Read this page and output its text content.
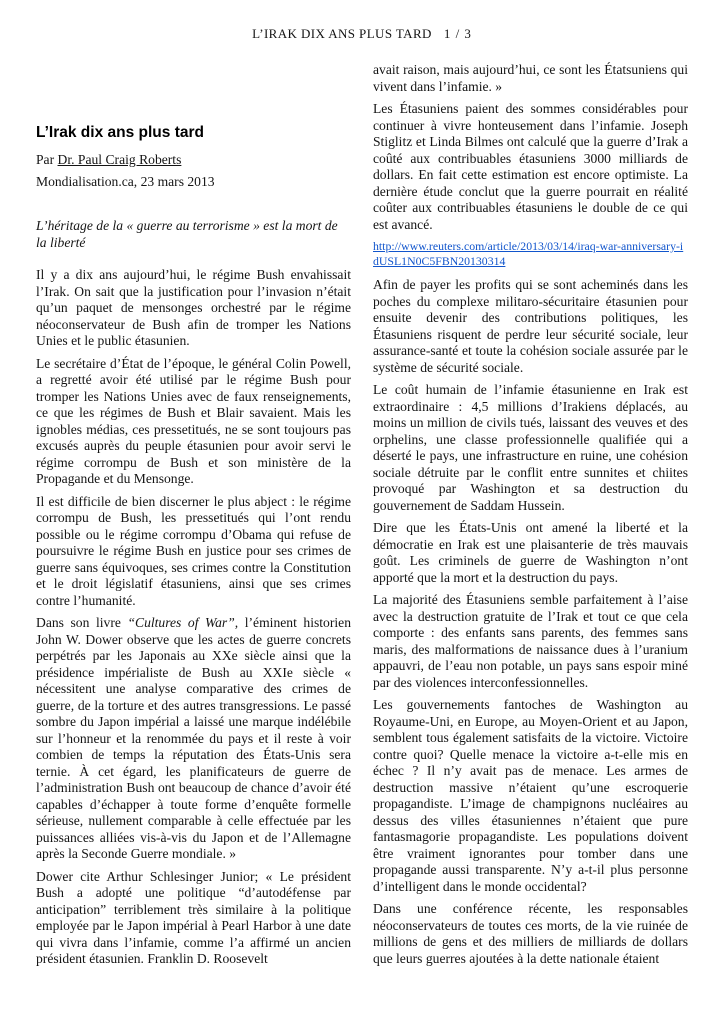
L’IRAK DIX ANS PLUS TARD 1 / 3
L’Irak dix ans plus tard

Par Dr. Paul Craig Roberts

Mondialisation.ca, 23 mars 2013

L’héritage de la « guerre au terrorisme » est la mort de la liberté

Il y a dix ans aujourd’hui, le régime Bush envahissait l’Irak. On sait que la justification pour l’invasion n’était qu’un paquet de mensonges orchestré par le régime néoconservateur de Bush afin de tromper les Nations Unies et le public étasunien.

Le secrétaire d’État de l’époque, le général Colin Powell, a regretté avoir été utilisé par le régime Bush pour tromper les Nations Unies avec de faux renseignements, ce que les régimes de Bush et Blair savaient. Mais les ignobles médias, ces pressetitués, ne se sont toujours pas excusés auprès du peuple étasunien pour avoir servi le régime corrompu de Bush et son ministère de la Propagande et du Mensonge.

Il est difficile de bien discerner le plus abject : le régime corrompu de Bush, les pressetitués qui l’ont rendu possible ou le régime corrompu d’Obama qui refuse de poursuivre le régime Bush en justice pour ses crimes de guerre sans équivoques, ses crimes contre la Constitution et le droit législatif étasuniens, ainsi que ses crimes contre l’humanité.

Dans son livre “Cultures of War”, l’éminent historien John W. Dower observe que les actes de guerre concrets perpétrés par les Japonais au XXe siècle ainsi que la présidence impérialiste de Bush au XXIe siècle « nécessitent une analyse comparative des crimes de guerre, de la torture et des autres transgressions. Le passé sombre du Japon impérial a laissé une marque indélébile sur l’honneur et la renommée du pays et il reste à voir combien de temps la réputation des États-Unis sera ternie. À cet égard, les planificateurs de guerre de l’administration Bush ont beaucoup de chance d’avoir été capables d’échapper à toute forme d’enquête formelle sérieuse, nullement comparable à celle effectuée par les puissances alliées vis-à-vis du Japon et de l’Allemagne après la Seconde Guerre mondiale. »

Dower cite Arthur Schlesinger Junior; « Le président Bush a adopté une politique “d’autodéfense par anticipation” terriblement très similaire à la politique employée par le Japon impérial à Pearl Harbor à une date qui vivra dans l’infamie, comme l’a affirmé un ancien président étasunien. Franklin D. Roosevelt

avait raison, mais aujourd’hui, ce sont les Étatsuniens qui vivent dans l’infamie. »

Les Étasuniens paient des sommes considérables pour continuer à vivre honteusement dans l’infamie. Joseph Stiglitz et Linda Bilmes ont calculé que la guerre d’Irak a coûté aux contribuables étasuniens 3000 milliards de dollars. En fait cette estimation est encore optimiste. La dernière étude conclut que la guerre pourrait en réalité coûter aux contribuables étasuniens le double de ce qui est avancé.

http://www.reuters.com/article/2013/03/14/iraq-war-anniversary-idUSL1N0C5FBN20130314

Afin de payer les profits qui se sont acheminés dans les poches du complexe militaro-sécuritaire étasunien pour ensuite devenir des contributions politiques, les Étasuniens risquent de perdre leur sécurité sociale, leur assurance-santé et toute la cohésion sociale assurée par le système de sécurité sociale.

Le coût humain de l’infamie étasunienne en Irak est extraordinaire : 4,5 millions d’Irakiens déplacés, au moins un million de civils tués, laissant des veuves et des orphelins, une classe professionnelle qualifiée qui a déserté le pays, une infrastructure en ruine, une cohésion sociale détruite par le conflit entre sunnites et chiites provoqué par Washington et sa destruction du gouvernement de Saddam Hussein.

Dire que les États-Unis ont amené la liberté et la démocratie en Irak est une plaisanterie de très mauvais goût. Les criminels de guerre de Washington n’ont apporté que la mort et la destruction du pays.

La majorité des Étasuniens semble parfaitement à l’aise avec la destruction gratuite de l’Irak et tout ce que cela comporte : des enfants sans parents, des femmes sans maris, des malformations de naissance dues à l’uranium appauvri, de l’eau non potable, un pays sans espoir miné par des violences interconfessionnelles.

Les gouvernements fantoches de Washington au Royaume-Uni, en Europe, au Moyen-Orient et au Japon, semblent tous également satisfaits de la victoire. Victoire contre quoi? Quelle menace la victoire a-t-elle mis en échec ? Il n’y avait pas de menace. Les armes de destruction massive n’étaient qu’une escroquerie propagandiste. L’image de champignons nucléaires au dessus des villes étasuniennes n’étaient que pure fantasmagorie propagandiste. Les populations doivent être vraiment ignorantes pour tomber dans une propagande aussi transparente. N’y a-t-il plus personne d’intelligent dans le monde occidental?

Dans une conférence récente, les responsables néoconservateurs de toutes ces morts, de la vie ruinée de millions de gens et des milliers de milliards de dollars que leurs guerres ajoutées à la dette nationale étaient
